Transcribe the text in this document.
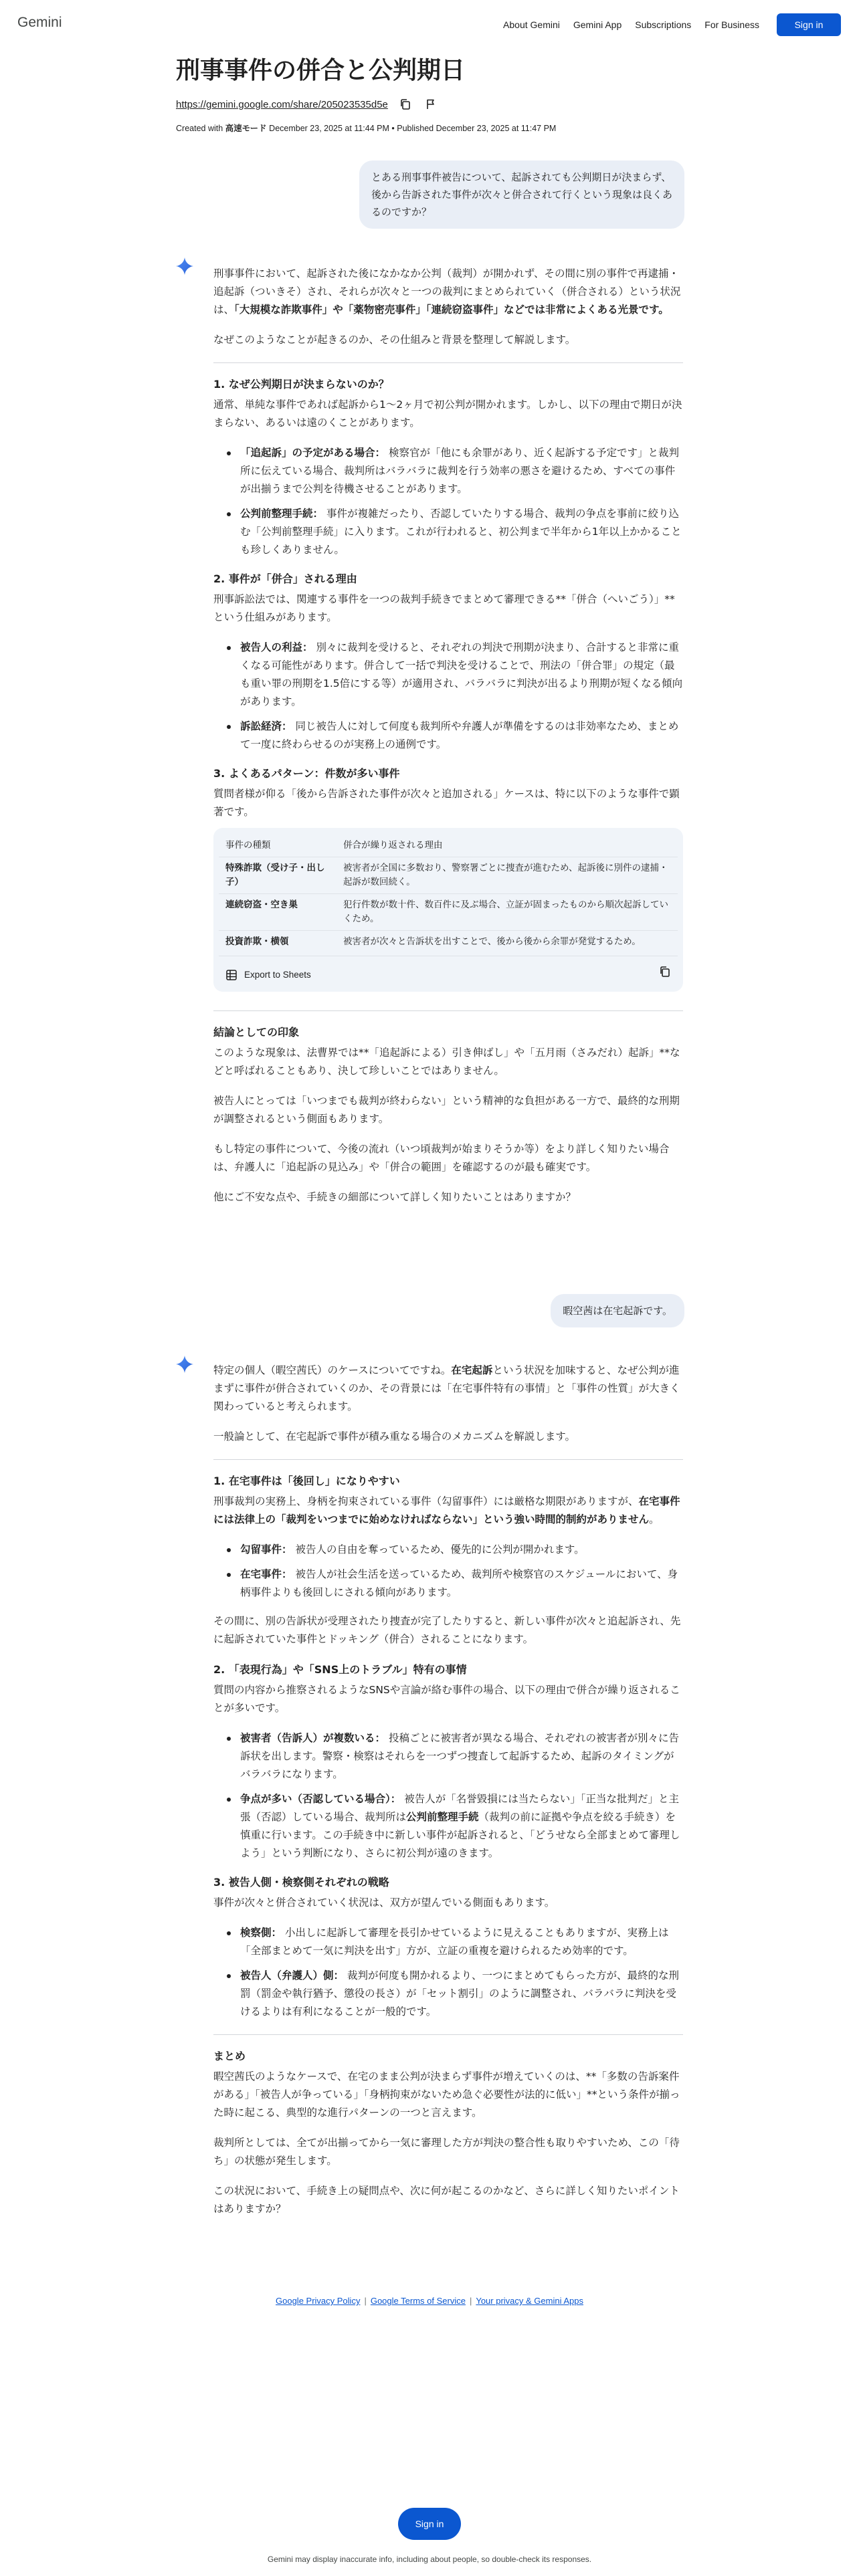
Gemini	About Gemini Gemini App Subscriptions For Business	Sign in
刑事事件の併合と公判期日
https://gemini.google.com/share/205023535d5e
Created with 高速モード December 23, 2025 at 11:44 PM • Published December 23, 2025 at 11:47 PM
とある刑事事件被告について、起訴されても公判期日が決まらず、後から告訴された事件が次々と併合されて行くという現象は良くあるのですか？

刑事事件において、起訴された後になかなか公判（裁判）が開かれず、その間に別の事件で再逮捕・追起訴（ついきそ）され、それらが次々と一つの裁判にまとめられていく（併合される）という状況は、「大規模な詐欺事件」や「薬物密売事件」「連続窃盗事件」などでは非常によくある光景です。

なぜこのようなことが起きるのか、その仕組みと背景を整理して解説します。

1. なぜ公判期日が決まらないのか？

通常、単純な事件であれば起訴から1〜2ヶ月で初公判が開かれます。しかし、以下の理由で期日が決まらない、あるいは遠のくことがあります。

「追起訴」の予定がある場合： 検察官が「他にも余罪があり、近く起訴する予定です」と裁判所に伝えている場合、裁判所はバラバラに裁判を行う効率の悪さを避けるため、すべての事件が出揃うまで公判を待機させることがあります。
公判前整理手続： 事件が複雑だったり、否認していたりする場合、裁判の争点を事前に絞り込む「公判前整理手続」に入ります。これが行われると、初公判まで半年から1年以上かかることも珍しくありません。
2. 事件が「併合」される理由

刑事訴訟法では、関連する事件を一つの裁判手続きでまとめて審理できる**「併合（へいごう）」**という仕組みがあります。

被告人の利益： 別々に裁判を受けると、それぞれの判決で刑期が決まり、合計すると非常に重くなる可能性があります。併合して一括で判決を受けることで、刑法の「併合罪」の規定（最も重い罪の刑期を1.5倍にする等）が適用され、バラバラに判決が出るより刑期が短くなる傾向があります。
訴訟経済： 同じ被告人に対して何度も裁判所や弁護人が準備をするのは非効率なため、まとめて一度に終わらせるのが実務上の通例です。
3. よくあるパターン：件数が多い事件

質問者様が仰る「後から告訴された事件が次々と追加される」ケースは、特に以下のような事件で顕著です。

事件の種類	併合が繰り返される理由
特殊詐欺（受け子・出し子）	被害者が全国に多数おり、警察署ごとに捜査が進むため、起訴後に別件の逮捕・起訴が数回続く。
連続窃盗・空き巣	犯行件数が数十件、数百件に及ぶ場合、立証が固まったものから順次起訴していくため。
投資詐欺・横領	被害者が次々と告訴状を出すことで、後から後から余罪が発覚するため。
Export to Sheets
結論としての印象

このような現象は、法曹界では**「追起訴による）引き伸ばし」や「五月雨（さみだれ）起訴」**などと呼ばれることもあり、決して珍しいことではありません。

被告人にとっては「いつまでも裁判が終わらない」という精神的な負担がある一方で、最終的な刑期が調整されるという側面もあります。

もし特定の事件について、今後の流れ（いつ頃裁判が始まりそうか等）をより詳しく知りたい場合は、弁護人に「追起訴の見込み」や「併合の範囲」を確認するのが最も確実です。

他にご不安な点や、手続きの細部について詳しく知りたいことはありますか？

暇空茜は在宅起訴です。

特定の個人（暇空茜氏）のケースについてですね。在宅起訴という状況を加味すると、なぜ公判が進まずに事件が併合されていくのか、その背景には「在宅事件特有の事情」と「事件の性質」が大きく関わっていると考えられます。

一般論として、在宅起訴で事件が積み重なる場合のメカニズムを解説します。

1. 在宅事件は「後回し」になりやすい

刑事裁判の実務上、身柄を拘束されている事件（勾留事件）には厳格な期限がありますが、在宅事件には法律上の「裁判をいつまでに始めなければならない」という強い時間的制約がありません。

勾留事件： 被告人の自由を奪っているため、優先的に公判が開かれます。
在宅事件： 被告人が社会生活を送っているため、裁判所や検察官のスケジュールにおいて、身柄事件よりも後回しにされる傾向があります。

その間に、別の告訴状が受理されたり捜査が完了したりすると、新しい事件が次々と追起訴され、先に起訴されていた事件とドッキング（併合）されることになります。

2. 「表現行為」や「SNS上のトラブル」特有の事情

質問の内容から推察されるようなSNSや言論が絡む事件の場合、以下の理由で併合が繰り返されることが多いです。

被害者（告訴人）が複数いる： 投稿ごとに被害者が異なる場合、それぞれの被害者が別々に告訴状を出します。警察・検察はそれらを一つずつ捜査して起訴するため、起訴のタイミングがバラバラになります。
争点が多い（否認している場合）： 被告人が「名誉毀損には当たらない」「正当な批判だ」と主張（否認）している場合、裁判所は公判前整理手続（裁判の前に証拠や争点を絞る手続き）を慎重に行います。この手続き中に新しい事件が起訴されると、「どうせなら全部まとめて審理しよう」という判断になり、さらに初公判が遠のきます。
3. 被告人側・検察側それぞれの戦略

事件が次々と併合されていく状況は、双方が望んでいる側面もあります。

検察側： 小出しに起訴して審理を長引かせているように見えることもありますが、実務上は「全部まとめて一気に判決を出す」方が、立証の重複を避けられるため効率的です。
被告人（弁護人）側： 裁判が何度も開かれるより、一つにまとめてもらった方が、最終的な刑罰（罰金や執行猶予、懲役の長さ）が「セット割引」のように調整され、バラバラに判決を受けるよりは有利になることが一般的です。
まとめ

暇空茜氏のようなケースで、在宅のまま公判が決まらず事件が増えていくのは、**「多数の告訴案件がある」「被告人が争っている」「身柄拘束がないため急ぐ必要性が法的に低い」**という条件が揃った時に起こる、典型的な進行パターンの一つと言えます。

裁判所としては、全てが出揃ってから一気に審理した方が判決の整合性も取りやすいため、この「待ち」の状態が発生します。

この状況において、手続き上の疑問点や、次に何が起こるのかなど、さらに詳しく知りたいポイントはありますか？

Google Privacy Policy | Google Terms of Service | Your privacy & Gemini Apps
Sign in
Gemini may display inaccurate info, including about people, so double-check its responses.
